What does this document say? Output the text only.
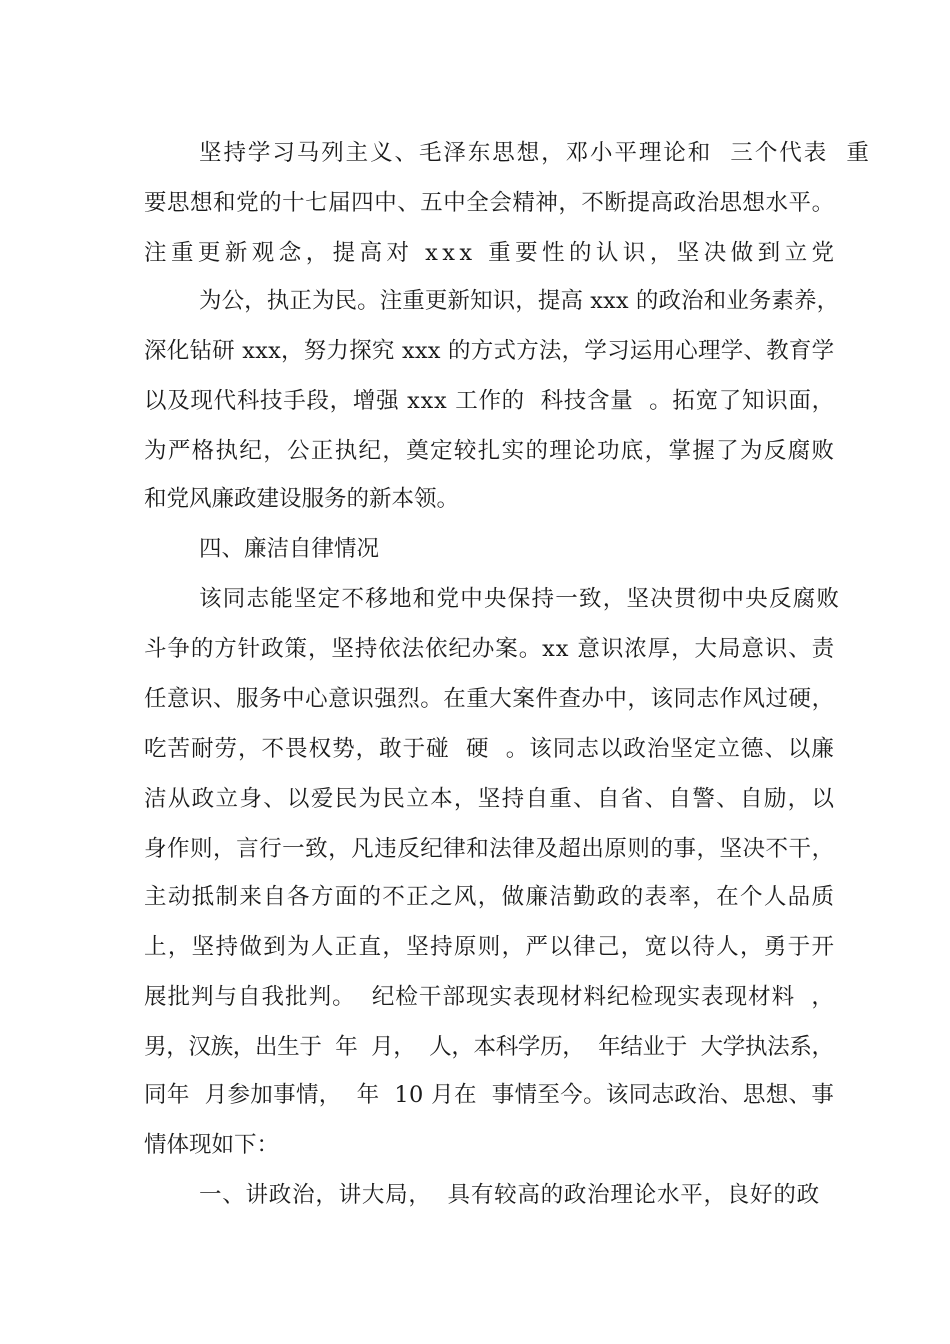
坚持学习马列主义、毛泽东思想，邓小平理论和  三个代表  重
要思想和党的十七届四中、五中全会精神，不断提高政治思想水平。
注重更新观念，提高对 xxx 重要性的认识，坚决做到立党
为公，执正为民。注重更新知识，提高 xxx 的政治和业务素养，
深化钻研 xxx，努力探究 xxx 的方式方法，学习运用心理学、教育学
以及现代科技手段，增强 xxx 工作的  科技含量  。拓宽了知识面，
为严格执纪，公正执纪，奠定较扎实的理论功底，掌握了为反腐败
和党风廉政建设服务的新本领。
四、廉洁自律情况
该同志能坚定不移地和党中央保持一致，坚决贯彻中央反腐败
斗争的方针政策，坚持依法依纪办案。xx 意识浓厚，大局意识、责
任意识、服务中心意识强烈。在重大案件查办中，该同志作风过硬，
吃苦耐劳，不畏权势，敢于碰  硬  。该同志以政治坚定立德、以廉
洁从政立身、以爱民为民立本，坚持自重、自省、自警、自励，以
身作则，言行一致，凡违反纪律和法律及超出原则的事，坚决不干，
主动抵制来自各方面的不正之风，做廉洁勤政的表率，在个人品质
上，坚持做到为人正直，坚持原则，严以律己，宽以待人，勇于开
展批判与自我批判。  纪检干部现实表现材料纪检现实表现材料  ，
男，汉族，出生于  年  月，  人，本科学历，  年结业于  大学执法系，
同年  月参加事情，  年  10 月在  事情至今。该同志政治、思想、事
情体现如下：
一、讲政治，讲大局，  具有较高的政治理论水平，良好的政
